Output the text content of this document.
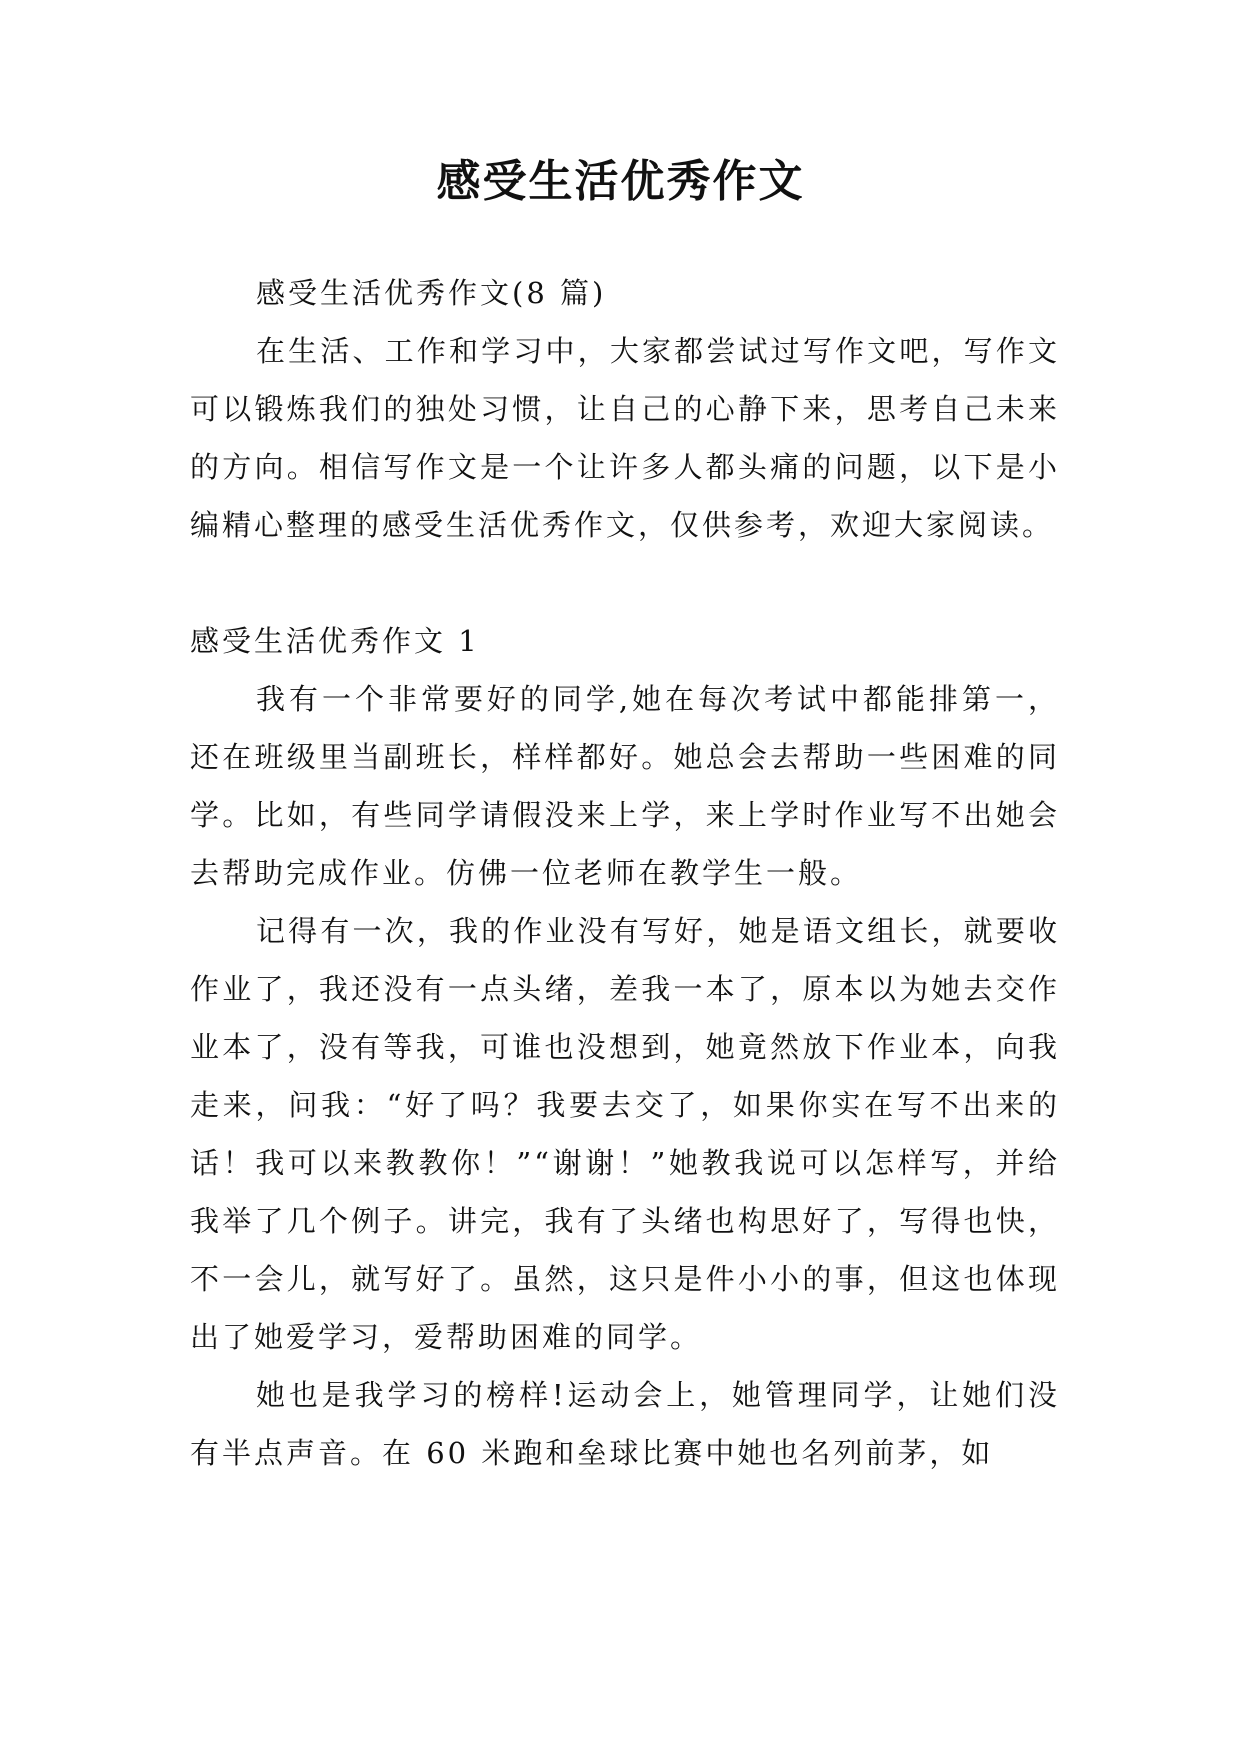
感受生活优秀作文

感受生活优秀作文(8 篇)

在生活、工作和学习中，大家都尝试过写作文吧，写作文可以锻炼我们的独处习惯，让自己的心静下来，思考自己未来的方向。相信写作文是一个让许多人都头痛的问题，以下是小编精心整理的感受生活优秀作文，仅供参考，欢迎大家阅读。

感受生活优秀作文 1

我有一个非常要好的同学,她在每次考试中都能排第一，还在班级里当副班长，样样都好。她总会去帮助一些困难的同学。比如，有些同学请假没来上学，来上学时作业写不出她会去帮助完成作业。仿佛一位老师在教学生一般。

记得有一次，我的作业没有写好，她是语文组长，就要收作业了，我还没有一点头绪，差我一本了，原本以为她去交作业本了，没有等我，可谁也没想到，她竟然放下作业本，向我走来，问我：“好了吗？我要去交了，如果你实在写不出来的话！我可以来教教你！”“谢谢！”她教我说可以怎样写，并给我举了几个例子。讲完，我有了头绪也构思好了，写得也快，不一会儿，就写好了。虽然，这只是件小小的事，但这也体现出了她爱学习，爱帮助困难的同学。

她也是我学习的榜样!运动会上，她管理同学，让她们没有半点声音。在 60 米跑和垒球比赛中她也名列前茅，如
